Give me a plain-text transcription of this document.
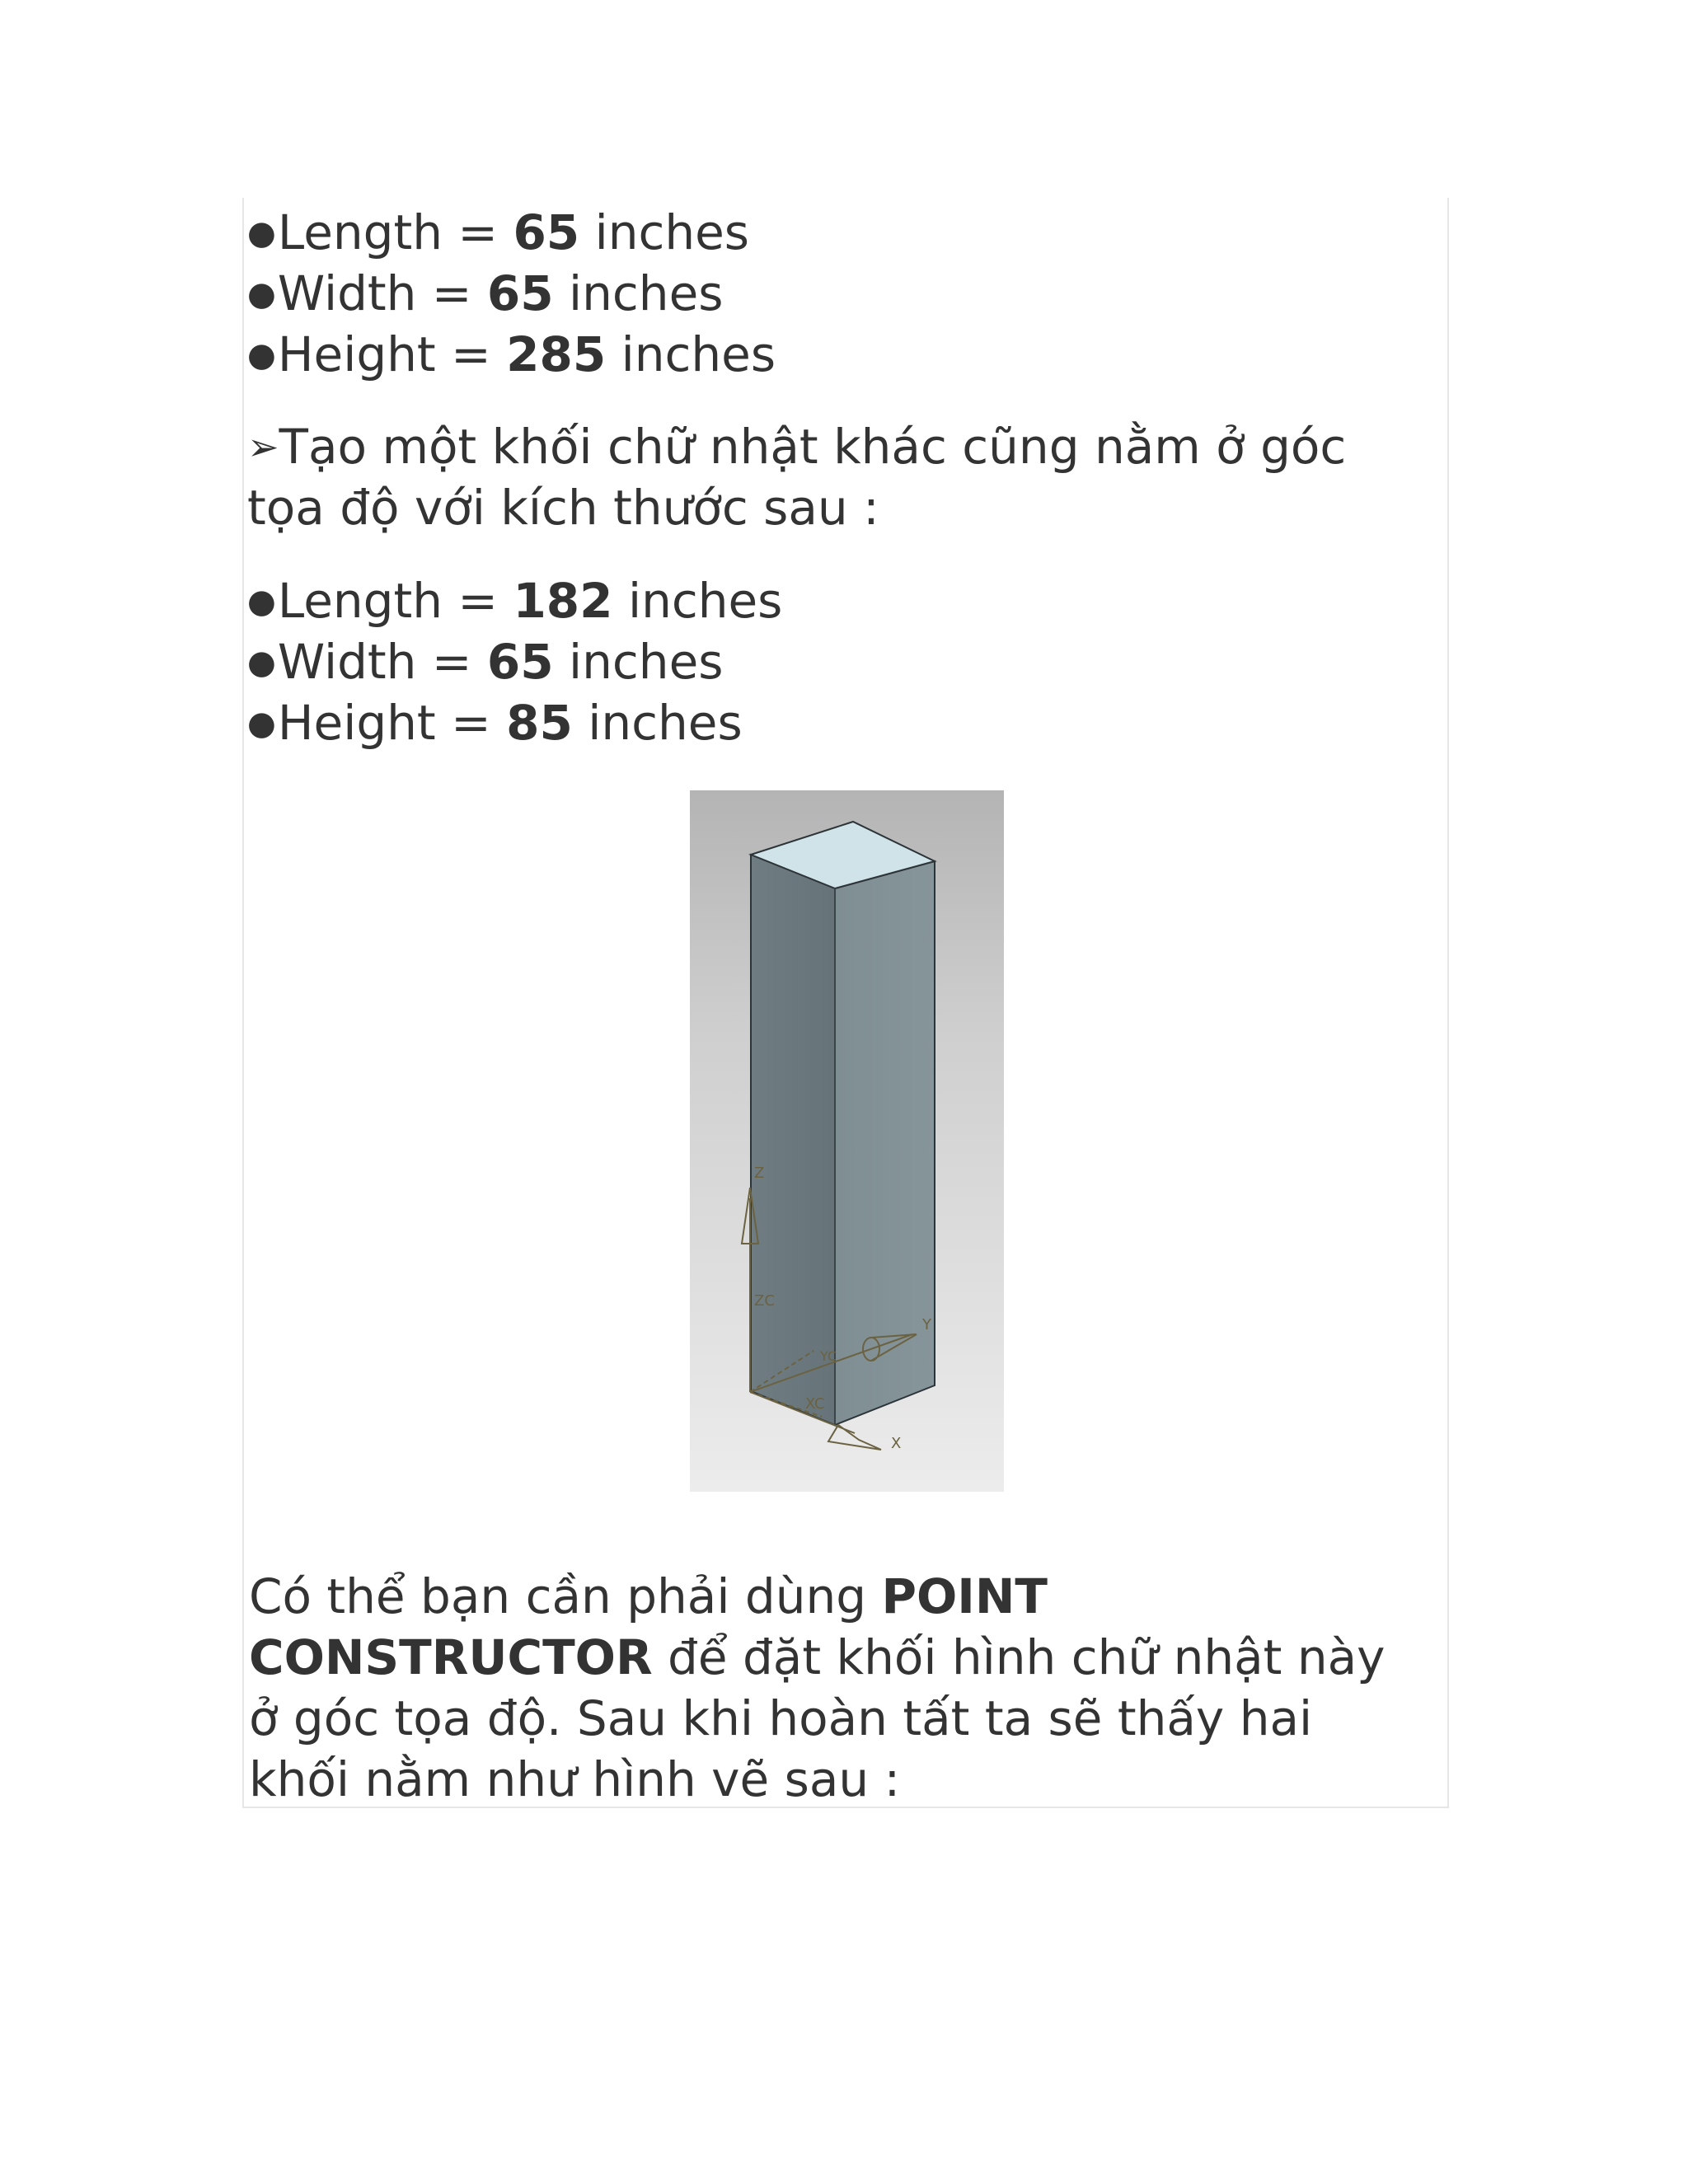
●Length = 65 inches
●Width = 65 inches
●Height = 285 inches
➢Tạo một khối chữ nhật khác cũng nằm ở góc
tọa độ với kích thước sau :
●Length = 182 inches
●Width = 65 inches
●Height = 85 inches
Z
ZC
Y
YC
XC
X
Có thể bạn cần phải dùng POINT
CONSTRUCTOR để đặt khối hình chữ nhật này
ở góc tọa độ. Sau khi hoàn tất ta sẽ thấy hai
khối nằm như hình vẽ sau :
